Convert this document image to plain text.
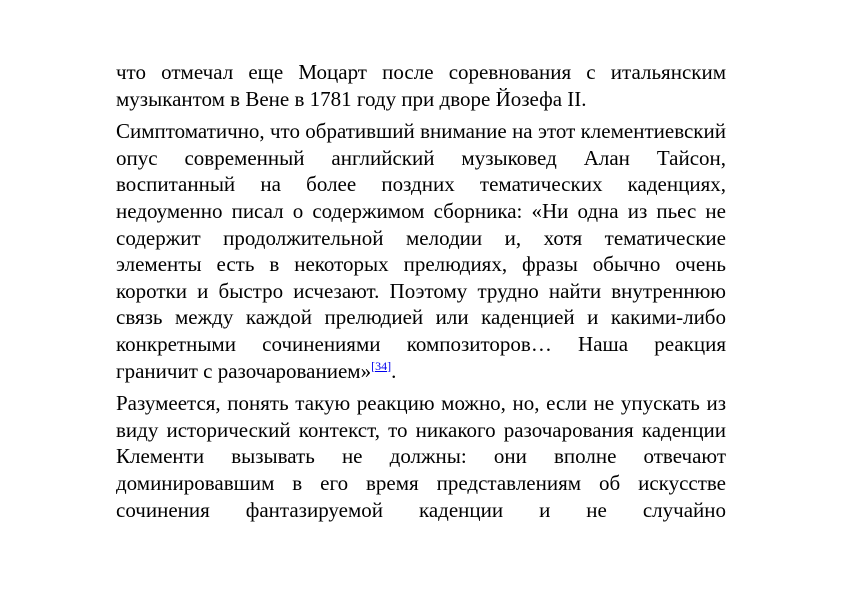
что отмечал еще Моцарт после соревнования с итальянским музыкантом в Вене в 1781 году при дворе Йозефа II.

Симптоматично, что обративший внимание на этот клементиевский опус современный английский музыковед Алан Тайсон, воспитанный на более поздних тематических каденциях, недоуменно писал о содержимом сборника: «Ни одна из пьес не содержит продолжительной мелодии и, хотя тематические элементы есть в некоторых прелюдиях, фразы обычно очень коротки и быстро исчезают. Поэтому трудно найти внутреннюю связь между каждой прелюдией или каденцией и какими-либо конкретными сочинениями композиторов… Наша реакция граничит с разочарованием»[34].

Разумеется, понять такую реакцию можно, но, если не упускать из виду исторический контекст, то никакого разочарования каденции Клементи вызывать не должны: они вполне отвечают доминировавшим в его время представлениям об искусстве сочинения фантазируемой каденции и не случайно
